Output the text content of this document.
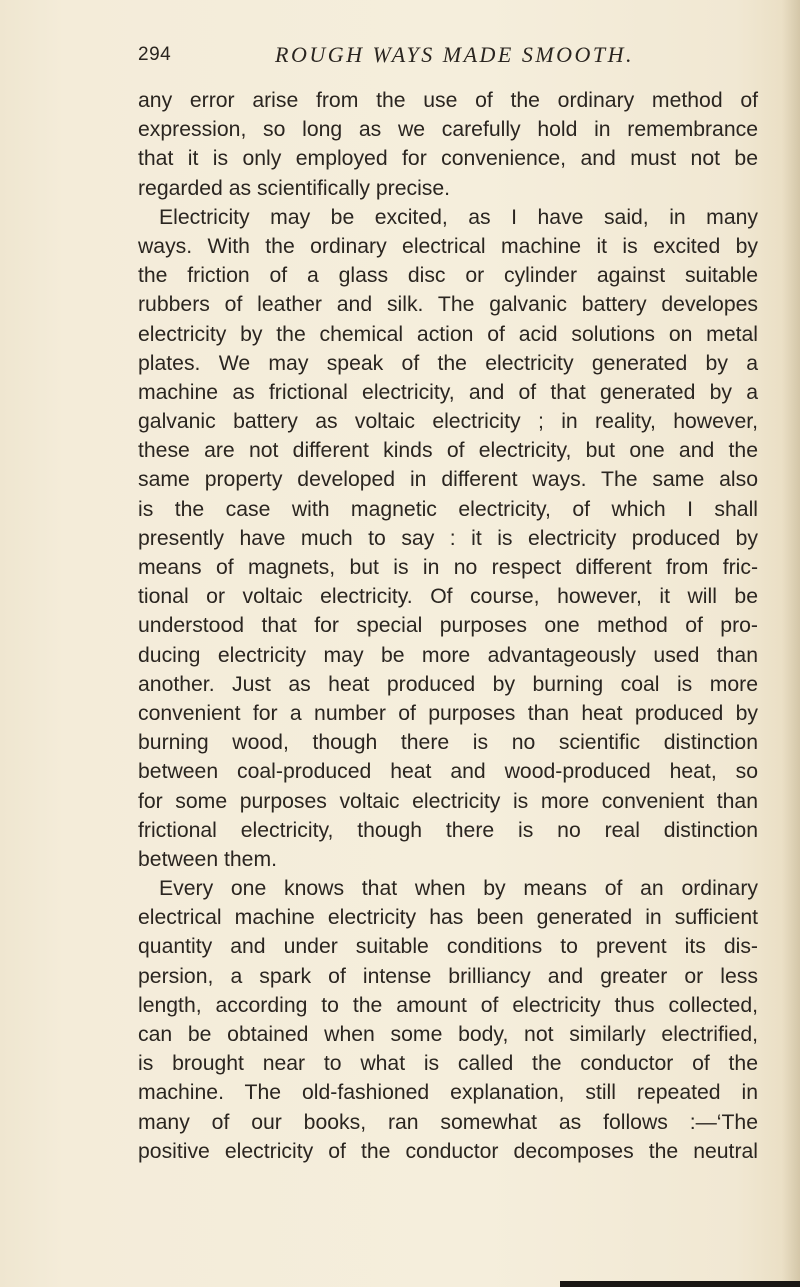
294	ROUGH WAYS MADE SMOOTH.
any error arise from the use of the ordinary method of
expression, so long as we carefully hold in remembrance
that it is only employed for convenience, and must not be
regarded as scientifically precise.
Electricity may be excited, as I have said, in many
ways. With the ordinary electrical machine it is excited by
the friction of a glass disc or cylinder against suitable
rubbers of leather and silk. The galvanic battery developes
electricity by the chemical action of acid solutions on metal
plates. We may speak of the electricity generated by a
machine as frictional electricity, and of that generated by a
galvanic battery as voltaic electricity ; in reality, however,
these are not different kinds of electricity, but one and the
same property developed in different ways. The same also
is the case with magnetic electricity, of which I shall
presently have much to say : it is electricity produced by
means of magnets, but is in no respect different from fric-
tional or voltaic electricity. Of course, however, it will be
understood that for special purposes one method of pro-
ducing electricity may be more advantageously used than
another. Just as heat produced by burning coal is more
convenient for a number of purposes than heat produced by
burning wood, though there is no scientific distinction
between coal-produced heat and wood-produced heat, so
for some purposes voltaic electricity is more convenient than
frictional electricity, though there is no real distinction
between them.
Every one knows that when by means of an ordinary
electrical machine electricity has been generated in sufficient
quantity and under suitable conditions to prevent its dis-
persion, a spark of intense brilliancy and greater or less
length, according to the amount of electricity thus collected,
can be obtained when some body, not similarly electrified,
is brought near to what is called the conductor of the
machine. The old-fashioned explanation, still repeated in
many of our books, ran somewhat as follows :—‘The
positive electricity of the conductor decomposes the neutral
